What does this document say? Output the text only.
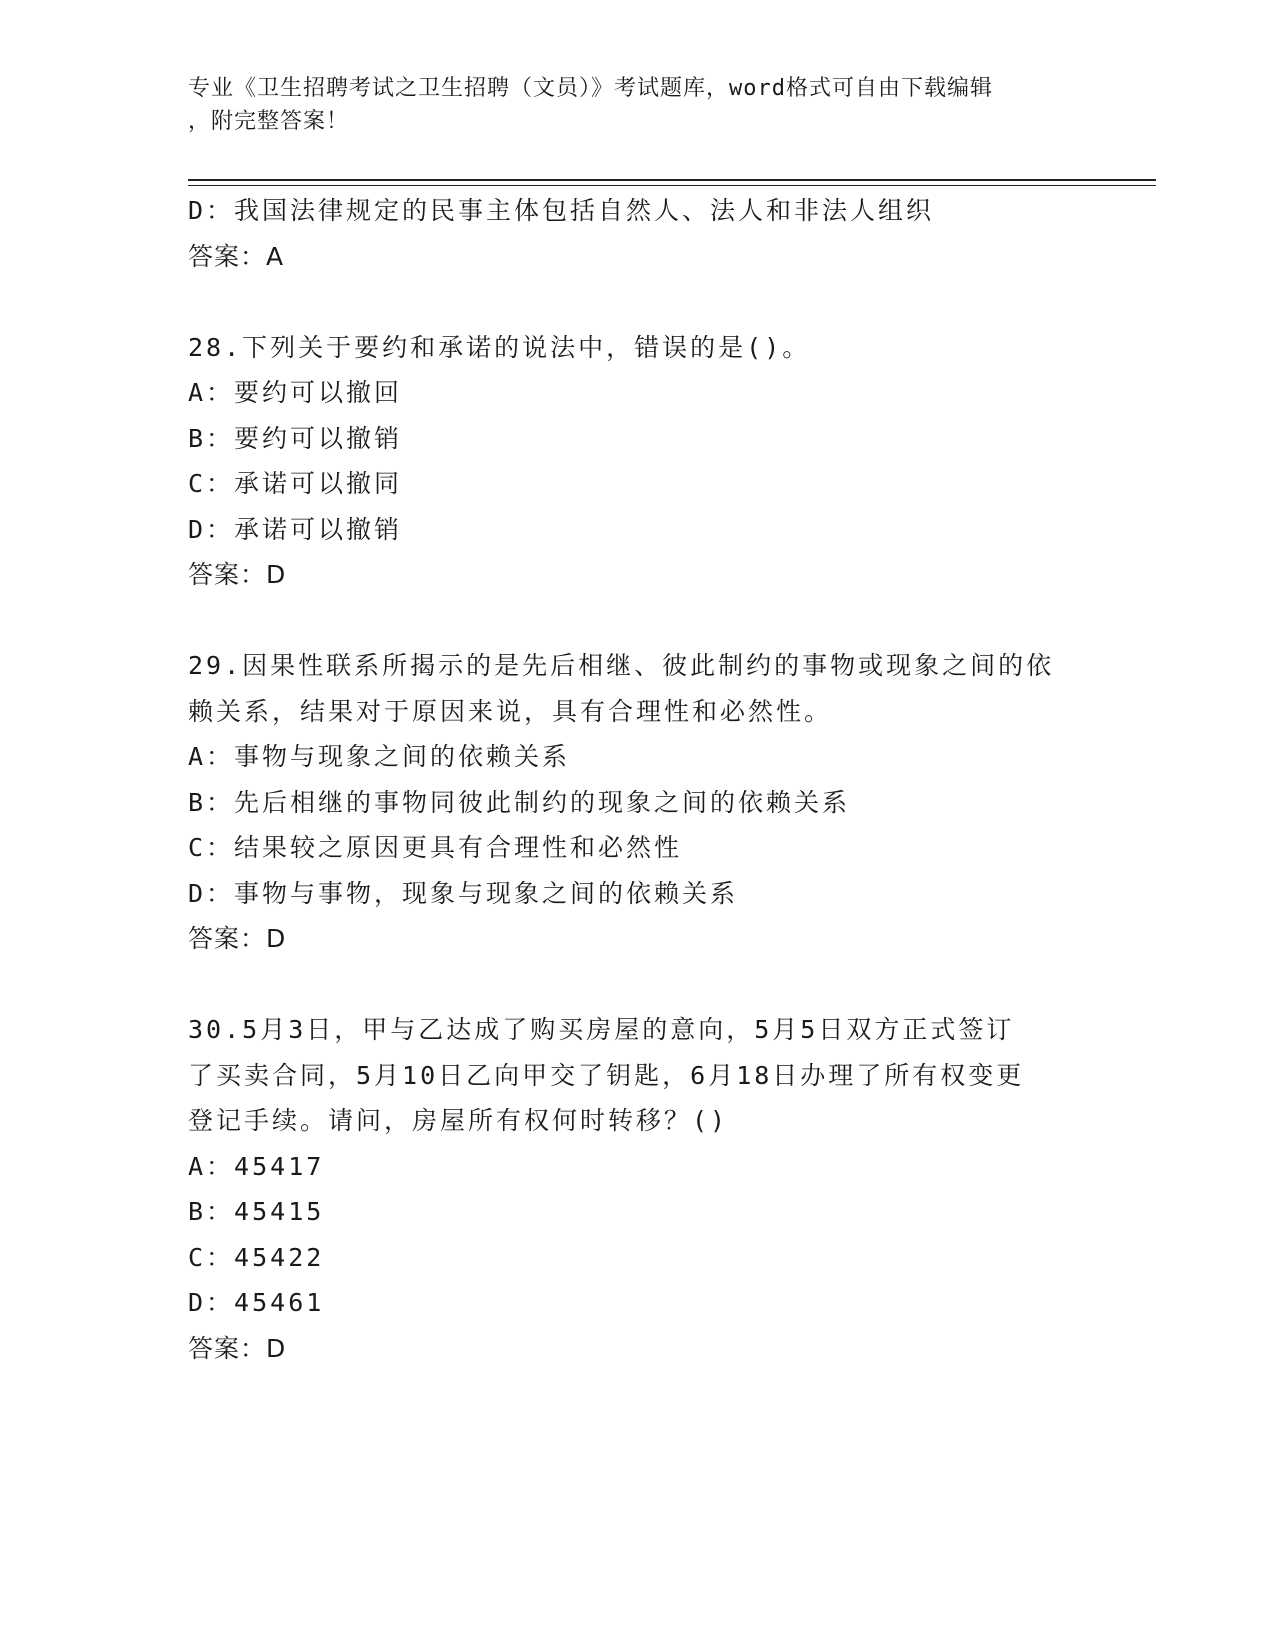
专业《卫生招聘考试之卫生招聘（文员）》考试题库，word格式可自由下载编辑
，附完整答案！
D：我国法律规定的民事主体包括自然人、法人和非法人组织
答案：A
28.下列关于要约和承诺的说法中，错误的是()。
A：要约可以撤回
B：要约可以撤销
C：承诺可以撤同
D：承诺可以撤销
答案：D
29.因果性联系所揭示的是先后相继、彼此制约的事物或现象之间的依
赖关系，结果对于原因来说，具有合理性和必然性。
A：事物与现象之间的依赖关系
B：先后相继的事物同彼此制约的现象之间的依赖关系
C：结果较之原因更具有合理性和必然性
D：事物与事物，现象与现象之间的依赖关系
答案：D
30.5月3日，甲与乙达成了购买房屋的意向，5月5日双方正式签订
了买卖合同，5月10日乙向甲交了钥匙，6月18日办理了所有权变更
登记手续。请问，房屋所有权何时转移？()
A：45417
B：45415
C：45422
D：45461
答案：D
